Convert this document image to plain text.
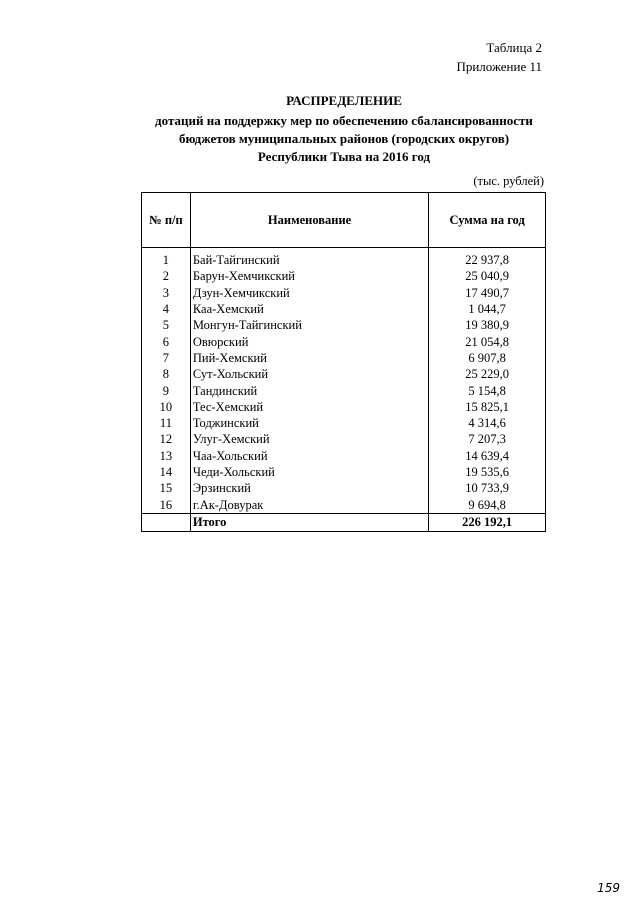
Таблица 2
Приложение 11
РАСПРЕДЕЛЕНИЕ
дотаций на поддержку мер по обеспечению сбалансированности
бюджетов муниципальных районов (городских округов)
Республики Тыва на 2016 год
(тыс. рублей)
№ п/п	Наименование	Сумма на год

1	Бай-Тайгинский	22 937,8
2	Барун-Хемчикский	25 040,9
3	Дзун-Хемчикский	17 490,7
4	Каа-Хемский	1 044,7
5	Монгун-Тайгинский	19 380,9
6	Овюрский	21 054,8
7	Пий-Хемский	6 907,8
8	Сут-Хольский	25 229,0
9	Тандинский	5 154,8
10	Тес-Хемский	15 825,1
11	Тоджинский	4 314,6
12	Улуг-Хемский	7 207,3
13	Чаа-Хольский	14 639,4
14	Чеди-Хольский	19 535,6
15	Эрзинский	10 733,9
16	г.Ак-Довурак	9 694,8
	Итого	226 192,1
159
